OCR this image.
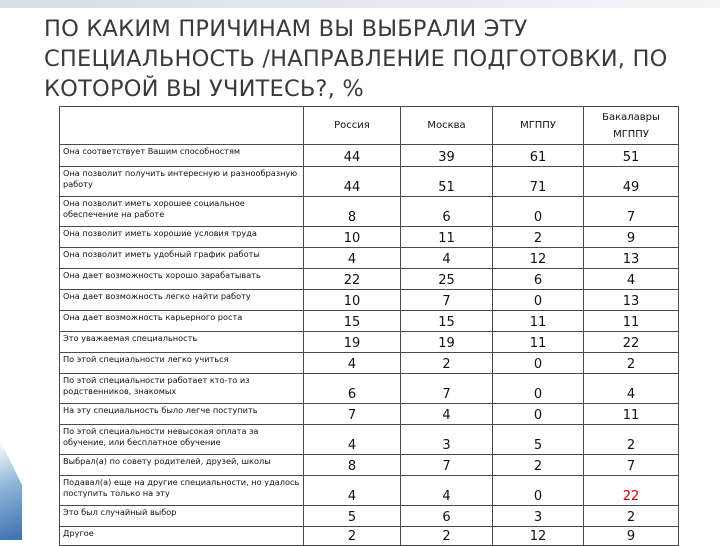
ПО КАКИМ ПРИЧИНАМ ВЫ ВЫБРАЛИ ЭТУ СПЕЦИАЛЬНОСТЬ /НАПРАВЛЕНИЕ ПОДГОТОВКИ, ПО КОТОРОЙ ВЫ УЧИТЕСЬ?, %
	Россия	Москва	МГППУ	Бакалавры МГППУ
Она соответствует Вашим способностям	44	39	61	51
Она позволит получить интересную и разнообразную работу	44	51	71	49
Она позволит иметь хорошее социальное обеспечение на работе	8	6	0	7
Она позволит иметь хорошие условия труда	10	11	2	9
Она позволит иметь удобный график работы	4	4	12	13
Она дает возможность хорошо зарабатывать	22	25	6	4
Она дает возможность легко найти работу	10	7	0	13
Она дает возможность карьерного роста	15	15	11	11
Это уважаемая специальность	19	19	11	22
По этой специальности легко учиться	4	2	0	2
По этой специальности работает кто-то из родственников, знакомых	6	7	0	4
На эту специальность было легче поступить	7	4	0	11
По этой специальности невысокая оплата за обучение, или бесплатное обучение	4	3	5	2
Выбрал(а) по совету родителей, друзей, школы	8	7	2	7
Подавал(а) еще на другие специальности, но удалось поступить только на эту	4	4	0	22
Это был случайный выбор	5	6	3	2
Другое	2	2	12	9
